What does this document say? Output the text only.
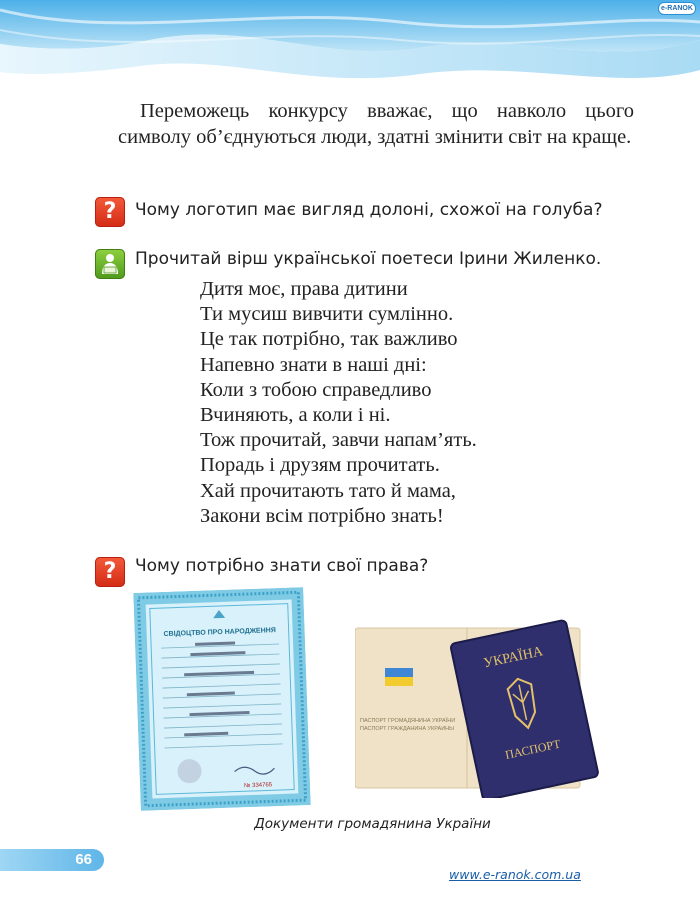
e-RANOK

Переможець конкурсу вважає, що навколо цього символу об’єднуються люди, здатні змінити світ на краще.

?	Чому логотип має вигляд долоні, схожої на голуба?
Прочитай вірш української поетеси Ірини Жиленко.
Дитя моє, права дитини
Ти мусиш вивчити сумлінно.
Це так потрібно, так важливо
Напевно знати в наші дні:
Коли з тобою справедливо
Вчиняють, а коли і ні.
Тож прочитай, завчи напам’ять.
Порадь і друзям прочитать.
Хай прочитають тато й мама,
Закони всім потрібно знать!
?	Чому потрібно знати свої права?
СВІДОЦТВО ПРО НАРОДЖЕННЯ
№ 334765
ПАСПОРТ ГРОМАДЯНИНА УКРАЇНИ
ПАСПОРТ ГРАЖДАНИНА УКРАИНЫ
УКРАЇНА
ПАСПОРТ
Документи громадянина України
66
www.e-ranok.com.ua
